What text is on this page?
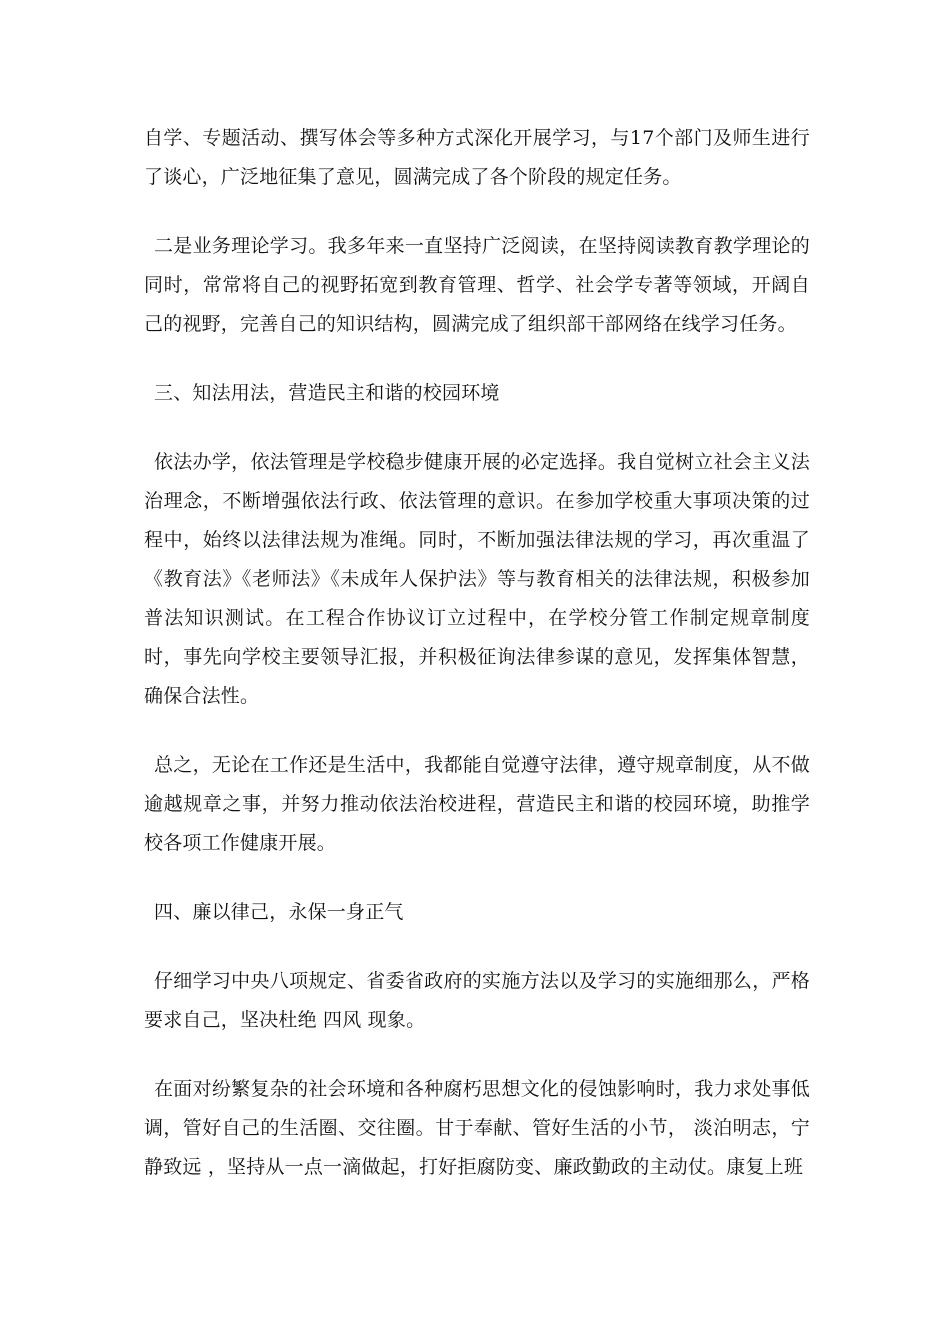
自学、专题活动、撰写体会等多种方式深化开展学习，与17个部门及师生进行了谈心，广泛地征集了意见，圆满完成了各个阶段的规定任务。

二是业务理论学习。我多年来一直坚持广泛阅读，在坚持阅读教育教学理论的同时，常常将自己的视野拓宽到教育管理、哲学、社会学专著等领域，开阔自己的视野，完善自己的知识结构，圆满完成了组织部干部网络在线学习任务。

三、知法用法，营造民主和谐的校园环境

依法办学，依法管理是学校稳步健康开展的必定选择。我自觉树立社会主义法治理念，不断增强依法行政、依法管理的意识。在参加学校重大事项决策的过程中，始终以法律法规为准绳。同时，不断加强法律法规的学习，再次重温了《教育法》《老师法》《未成年人保护法》等与教育相关的法律法规，积极参加普法知识测试。在工程合作协议订立过程中，在学校分管工作制定规章制度时，事先向学校主要领导汇报，并积极征询法律参谋的意见，发挥集体智慧，确保合法性。

总之，无论在工作还是生活中，我都能自觉遵守法律，遵守规章制度，从不做逾越规章之事，并努力推动依法治校进程，营造民主和谐的校园环境，助推学校各项工作健康开展。

四、廉以律己，永保一身正气

仔细学习中央八项规定、省委省政府的实施方法以及学习的实施细那么，严格要求自己，坚决杜绝 四风 现象。

在面对纷繁复杂的社会环境和各种腐朽思想文化的侵蚀影响时，我力求处事低调，管好自己的生活圈、交往圈。甘于奉献、管好生活的小节， 淡泊明志，宁静致远 ，坚持从一点一滴做起，打好拒腐防变、廉政勤政的主动仗。康复上班
